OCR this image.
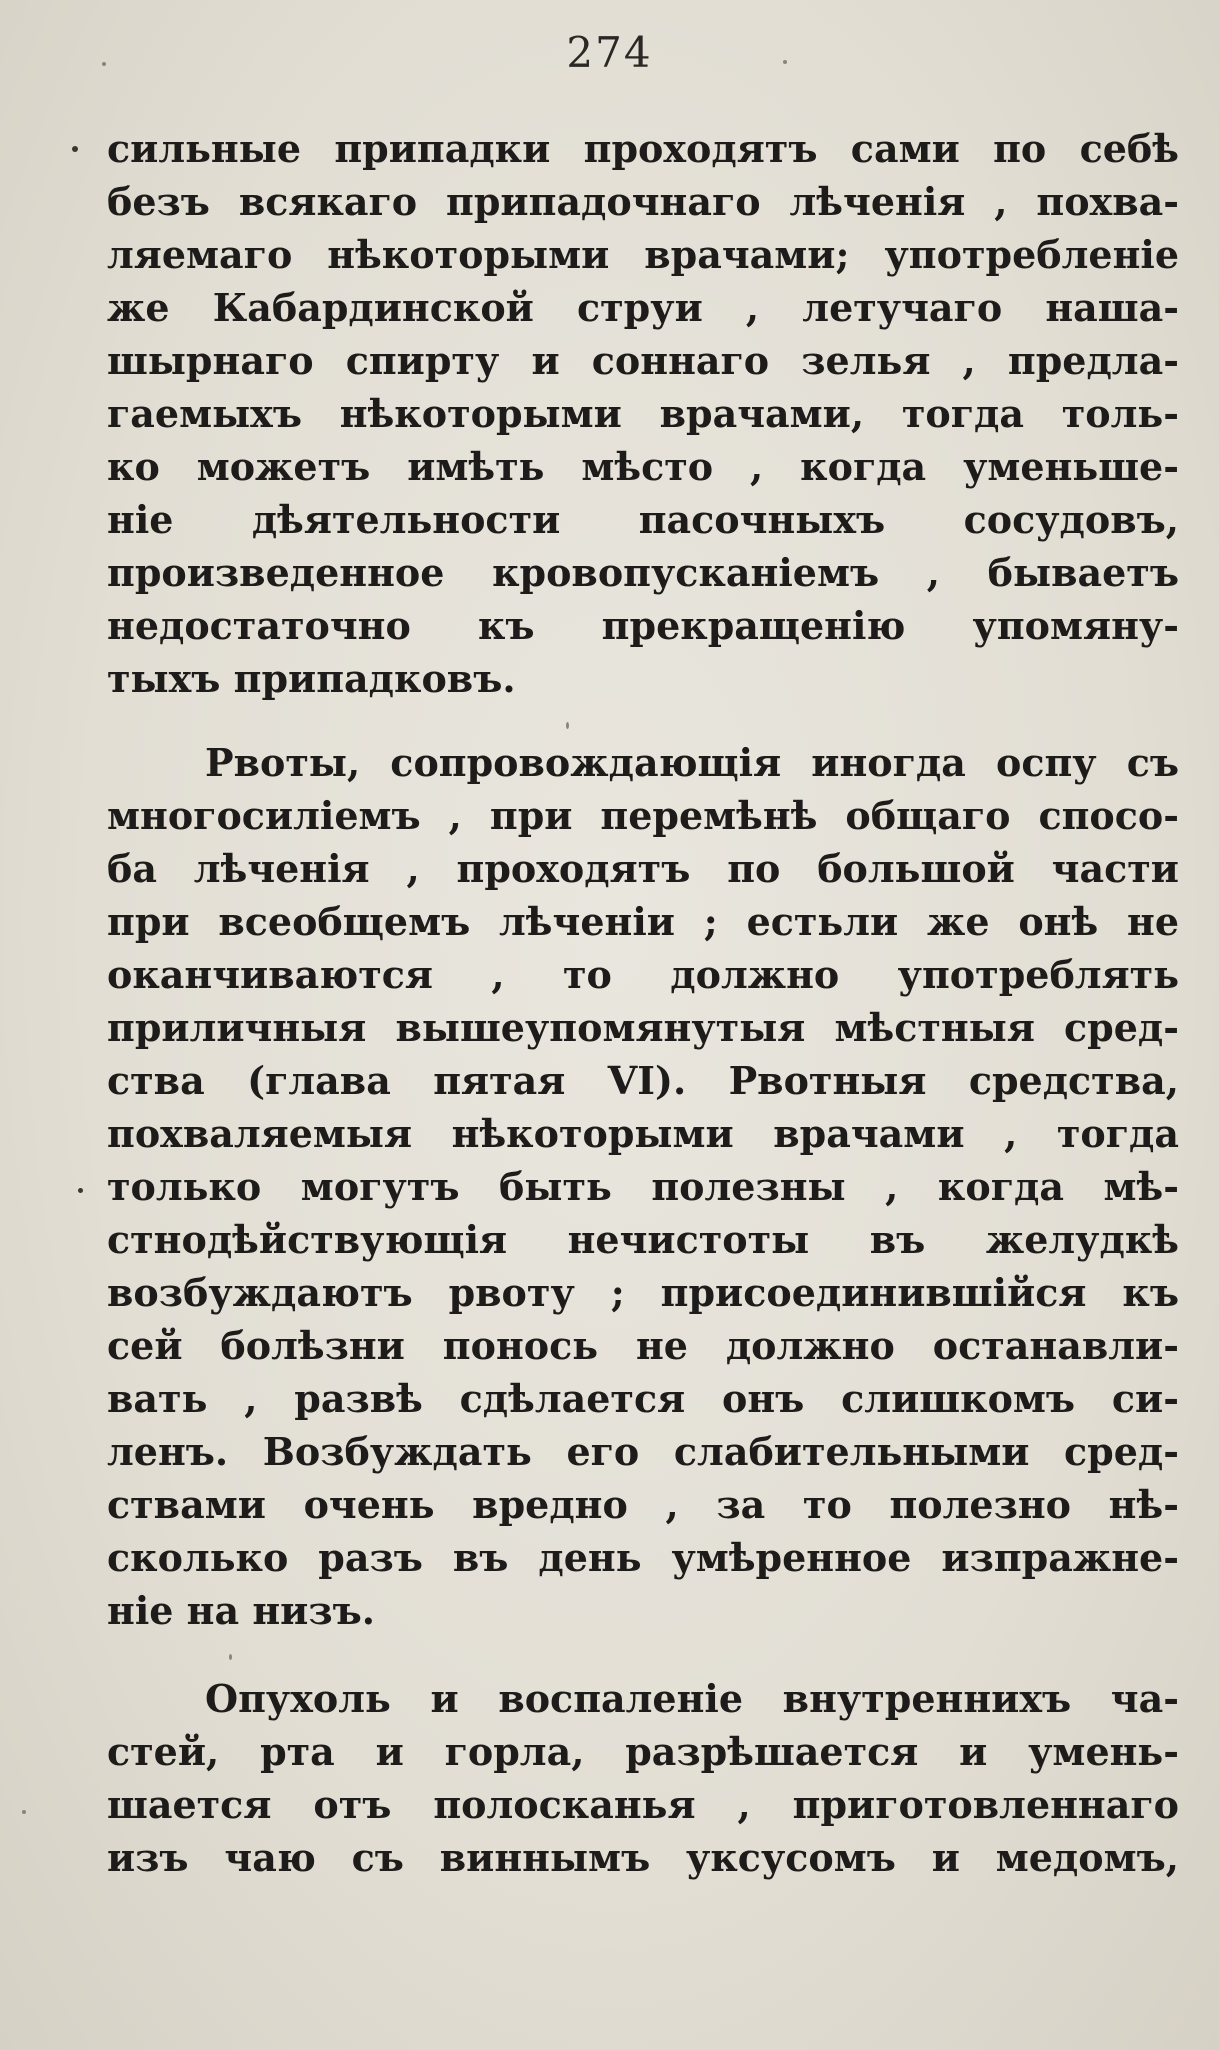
274
сильные припадки проходятъ сами по себѣ
безъ всякаго припадочнаго лѣченія , похва-
ляемаго нѣкоторыми врачами; употребленіе
же Кабардинской струи , летучаго наша-
шырнаго спирту и соннаго зелья , предла-
гаемыхъ нѣкоторыми врачами, тогда толь-
ко можетъ имѣть мѣсто , когда уменьше-
ніе дѣятельности пасочныхъ сосудовъ,
произведенное кровопусканіемъ , бываетъ
недостаточно къ прекращенію упомяну-
тыхъ припадковъ.
Рвоты, сопровождающія иногда оспу съ
многосиліемъ , при перемѣнѣ общаго спосо-
ба лѣченія , проходятъ по большой части
при всеобщемъ лѣченіи ; естьли же онѣ не
оканчиваются , то должно употреблять
приличныя вышеупомянутыя мѣстныя сред-
ства (глава пятая VI). Рвотныя средства,
похваляемыя нѣкоторыми врачами , тогда
только могутъ быть полезны , когда мѣ-
стнодѣйствующія нечистоты въ желудкѣ
возбуждаютъ рвоту ; присоединившійся къ
сей болѣзни понось не должно останавли-
вать , развѣ сдѣлается онъ слишкомъ си-
ленъ. Возбуждать его слабительными сред-
ствами очень вредно , за то полезно нѣ-
сколько разъ въ день умѣренное изпражне-
ніе на низъ.
Опухоль и воспаленіе внутреннихъ ча-
стей, рта и горла, разрѣшается и умень-
шается отъ полосканья , приготовленнаго
изъ чаю съ виннымъ уксусомъ и медомъ,
